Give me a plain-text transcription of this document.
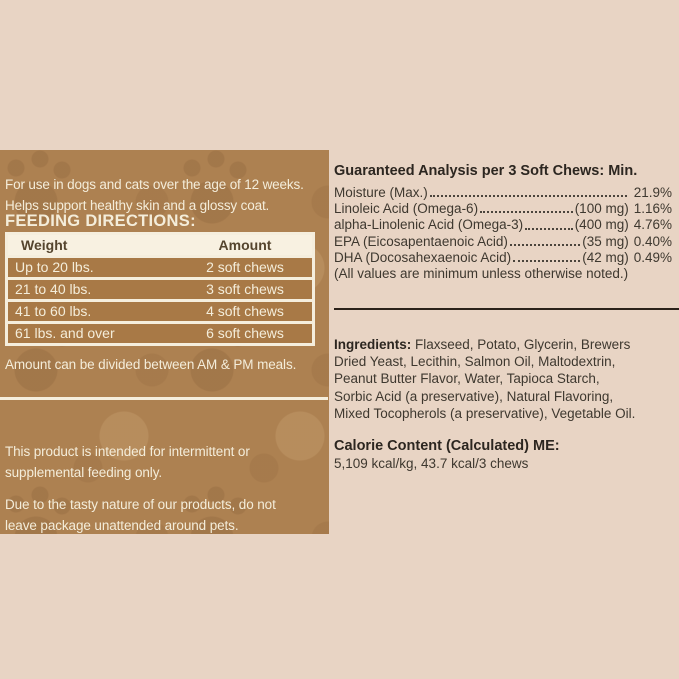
For use in dogs and cats over the age of 12 weeks.
Helps support healthy skin and a glossy coat.

FEEDING DIRECTIONS:
Weight	Amount
Up to 20 lbs.	2 soft chews
21 to 40 lbs.	3 soft chews
41 to 60 lbs.	4 soft chews
61 lbs. and over	6 soft chews
Amount can be divided between AM & PM meals.

This product is intended for intermittent or
supplemental feeding only.

Due to the tasty nature of our products, do not
leave package unattended around pets.

Guaranteed Analysis per 3 Soft Chews: Min.
Moisture (Max.)	21.9%
Linoleic Acid (Omega-6)	(100 mg) 1.16%
alpha-Linolenic Acid (Omega-3)	(400 mg) 4.76%
EPA (Eicosapentaenoic Acid)	(35 mg) 0.40%
DHA (Docosahexaenoic Acid)	(42 mg) 0.49%
(All values are minimum unless otherwise noted.)
Ingredients: Flaxseed, Potato, Glycerin, Brewers
Dried Yeast, Lecithin, Salmon Oil, Maltodextrin,
Peanut Butter Flavor, Water, Tapioca Starch,
Sorbic Acid (a preservative), Natural Flavoring,
Mixed Tocopherols (a preservative), Vegetable Oil.
Calorie Content (Calculated) ME:
5,109 kcal/kg, 43.7 kcal/3 chews
